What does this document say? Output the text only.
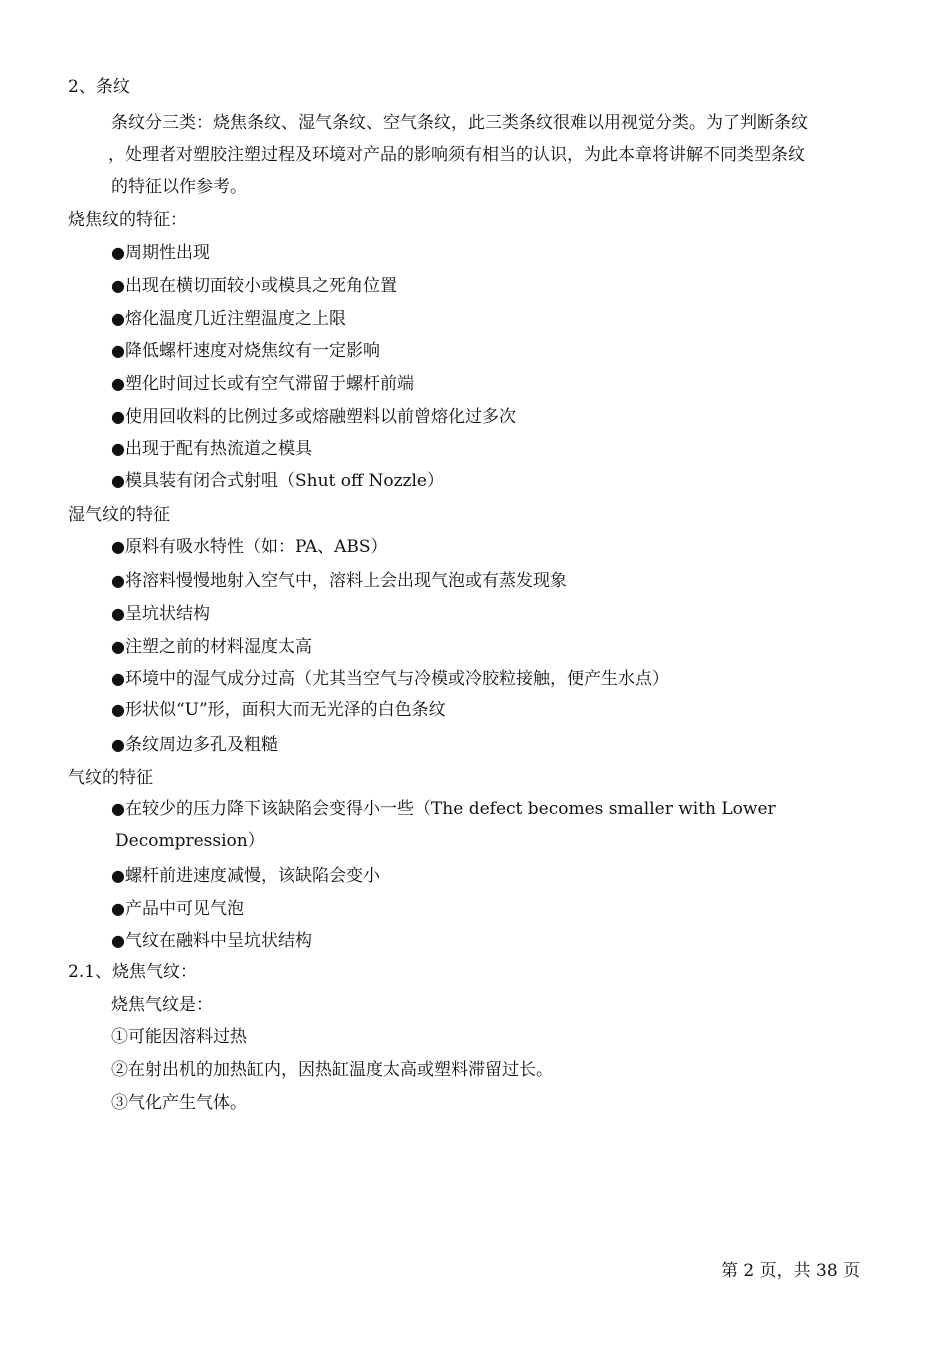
2、条纹
条纹分三类：烧焦条纹、湿气条纹、空气条纹，此三类条纹很难以用视觉分类。为了判断条纹
，处理者对塑胶注塑过程及环境对产品的影响须有相当的认识，为此本章将讲解不同类型条纹
的特征以作参考。
烧焦纹的特征：
●周期性出现
●出现在横切面较小或模具之死角位置
●熔化温度几近注塑温度之上限
●降低螺杆速度对烧焦纹有一定影响
●塑化时间过长或有空气滞留于螺杆前端
●使用回收料的比例过多或熔融塑料以前曾熔化过多次
●出现于配有热流道之模具
●模具装有闭合式射咀（Shut off Nozzle）
湿气纹的特征
●原料有吸水特性（如：PA、ABS）
●将溶料慢慢地射入空气中，溶料上会出现气泡或有蒸发现象
●呈坑状结构
●注塑之前的材料湿度太高
●环境中的湿气成分过高（尤其当空气与冷模或冷胶粒接触，便产生水点）
●形状似“U”形，面积大而无光泽的白色条纹
●条纹周边多孔及粗糙
气纹的特征
●在较少的压力降下该缺陷会变得小一些（The defect becomes smaller with Lower
Decompression）
●螺杆前进速度减慢，该缺陷会变小
●产品中可见气泡
●气纹在融料中呈坑状结构
2.1、烧焦气纹：
烧焦气纹是：
①可能因溶料过热
②在射出机的加热缸内，因热缸温度太高或塑料滞留过长。
③气化产生气体。
第 2 页，共 38 页
